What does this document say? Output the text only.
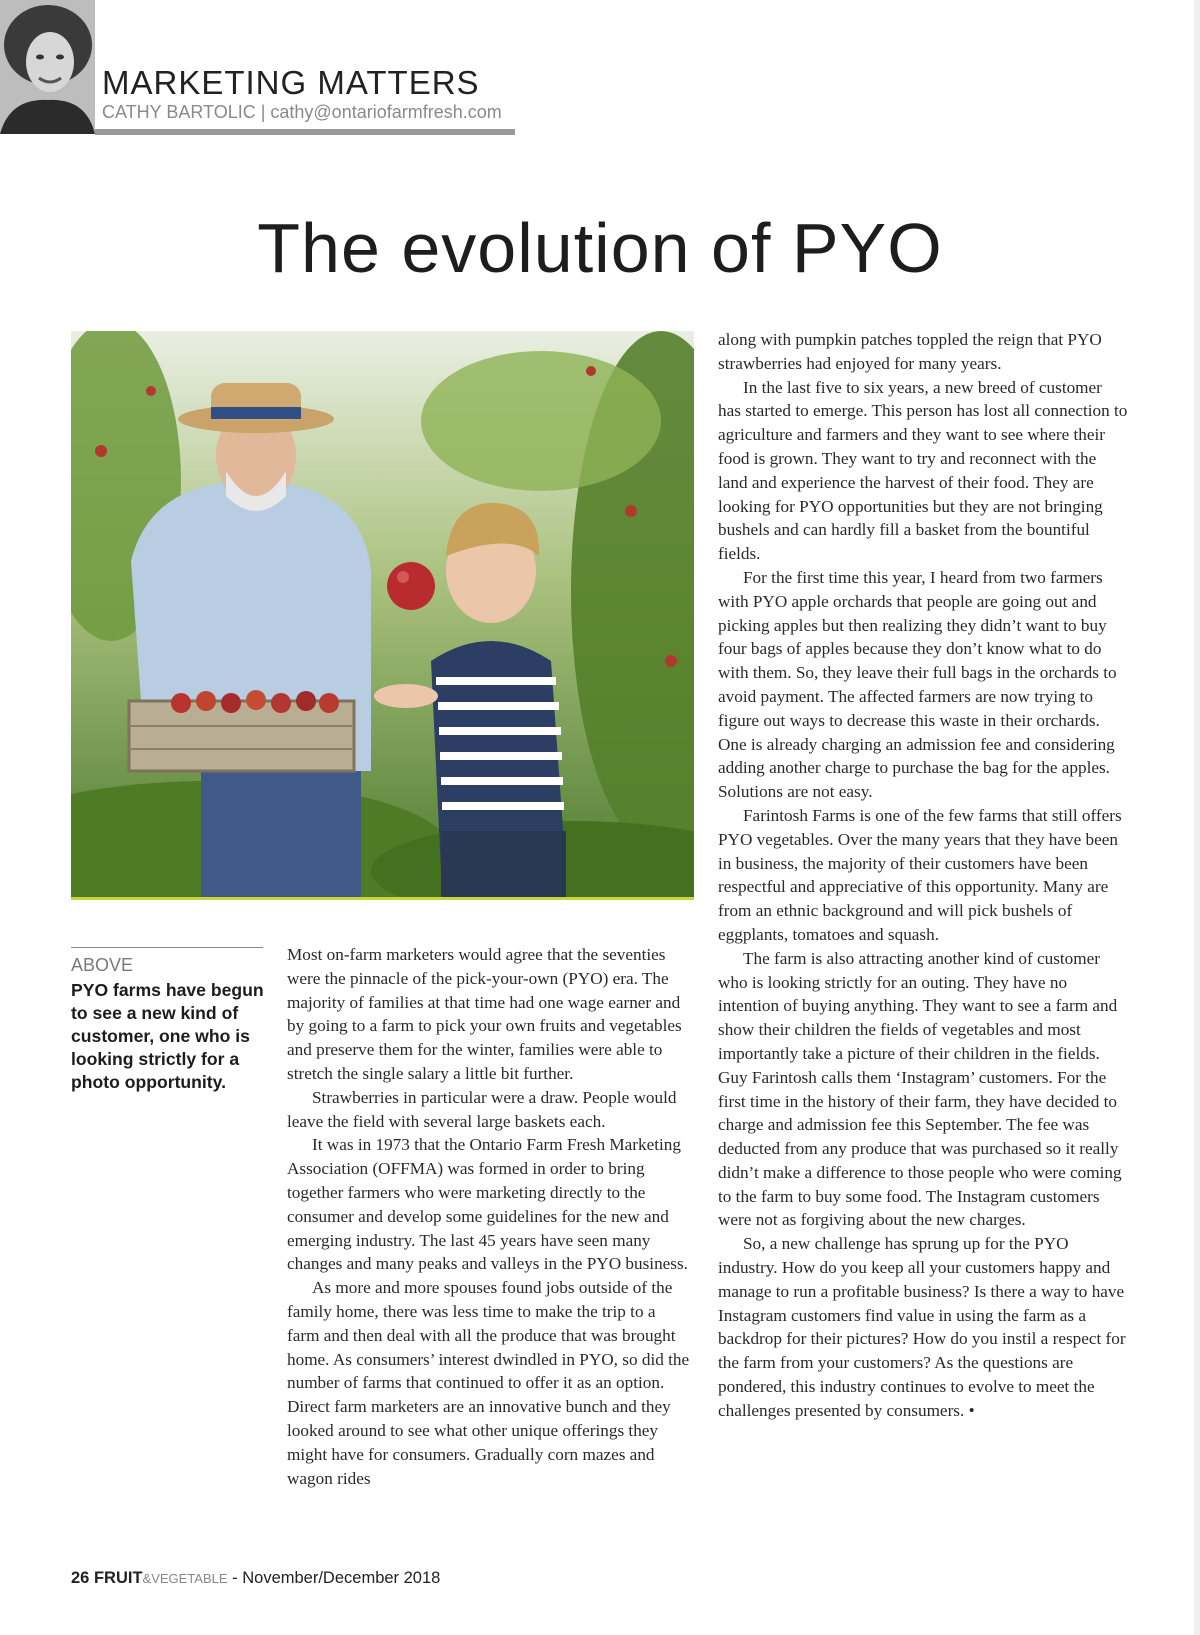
MARKETING MATTERS
CATHY BARTOLIC | cathy@ontariofarmfresh.com
The evolution of PYO
ABOVE
PYO farms have begun to see a new kind of customer, one who is looking strictly for a photo opportunity.

Most on-farm marketers would agree that the seventies were the pinnacle of the pick-your-own (PYO) era. The majority of families at that time had one wage earner and by going to a farm to pick your own fruits and vegetables and preserve them for the winter, families were able to stretch the single salary a little bit further.

Strawberries in particular were a draw. People would leave the field with several large baskets each.

It was in 1973 that the Ontario Farm Fresh Marketing Association (OFFMA) was formed in order to bring together farmers who were marketing directly to the consumer and develop some guidelines for the new and emerging industry. The last 45 years have seen many changes and many peaks and valleys in the PYO business.

As more and more spouses found jobs outside of the family home, there was less time to make the trip to a farm and then deal with all the produce that was brought home. As consumers’ interest dwindled in PYO, so did the number of farms that continued to offer it as an option. Direct farm marketers are an innovative bunch and they looked around to see what other unique offerings they might have for consumers. Gradually corn mazes and wagon rides

along with pumpkin patches toppled the reign that PYO strawberries had enjoyed for many years.

In the last five to six years, a new breed of customer has started to emerge. This person has lost all connection to agriculture and farmers and they want to see where their food is grown. They want to try and reconnect with the land and experience the harvest of their food. They are looking for PYO opportunities but they are not bringing bushels and can hardly fill a basket from the bountiful fields.

For the first time this year, I heard from two farmers with PYO apple orchards that people are going out and picking apples but then realizing they didn’t want to buy four bags of apples because they don’t know what to do with them. So, they leave their full bags in the orchards to avoid payment. The affected farmers are now trying to figure out ways to decrease this waste in their orchards. One is already charging an admission fee and considering adding another charge to purchase the bag for the apples. Solutions are not easy.

Farintosh Farms is one of the few farms that still offers PYO vegetables. Over the many years that they have been in business, the majority of their customers have been respectful and appreciative of this opportunity. Many are from an ethnic background and will pick bushels of eggplants, tomatoes and squash.

The farm is also attracting another kind of customer who is looking strictly for an outing. They have no intention of buying anything. They want to see a farm and show their children the fields of vegetables and most importantly take a picture of their children in the fields. Guy Farintosh calls them ‘Instagram’ customers. For the first time in the history of their farm, they have decided to charge and admission fee this September. The fee was deducted from any produce that was purchased so it really didn’t make a difference to those people who were coming to the farm to buy some food. The Instagram customers were not as forgiving about the new charges.

So, a new challenge has sprung up for the PYO industry. How do you keep all your customers happy and manage to run a profitable business? Is there a way to have Instagram customers find value in using the farm as a backdrop for their pictures? How do you instil a respect for the farm from your customers? As the questions are pondered, this industry continues to evolve to meet the challenges presented by consumers. •

26 FRUIT&VEGETABLE - November/December 2018
